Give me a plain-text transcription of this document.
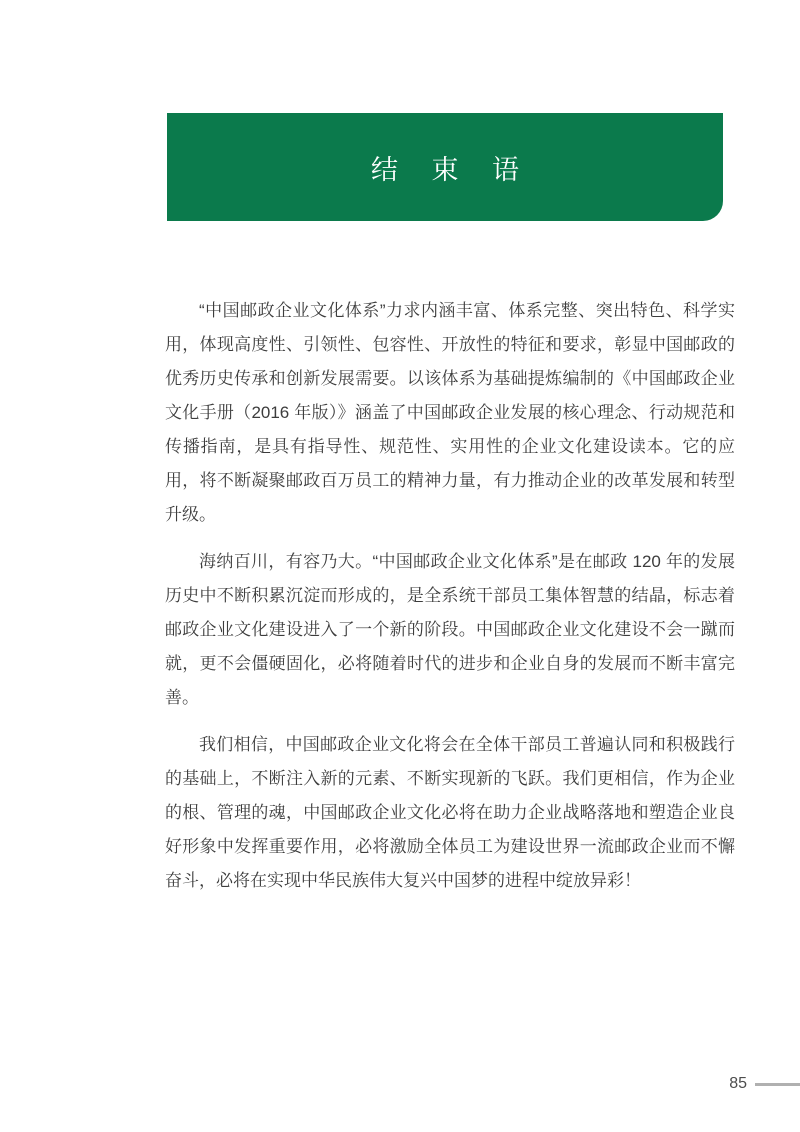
结 束 语

“中国邮政企业文化体系”力求内涵丰富、体系完整、突出特色、科学实用，体现高度性、引领性、包容性、开放性的特征和要求，彰显中国邮政的优秀历史传承和创新发展需要。以该体系为基础提炼编制的《中国邮政企业文化手册（2016 年版）》涵盖了中国邮政企业发展的核心理念、行动规范和传播指南，是具有指导性、规范性、实用性的企业文化建设读本。它的应用，将不断凝聚邮政百万员工的精神力量，有力推动企业的改革发展和转型升级。

海纳百川，有容乃大。“中国邮政企业文化体系”是在邮政 120 年的发展历史中不断积累沉淀而形成的，是全系统干部员工集体智慧的结晶，标志着邮政企业文化建设进入了一个新的阶段。中国邮政企业文化建设不会一蹴而就，更不会僵硬固化，必将随着时代的进步和企业自身的发展而不断丰富完善。

我们相信，中国邮政企业文化将会在全体干部员工普遍认同和积极践行的基础上，不断注入新的元素、不断实现新的飞跃。我们更相信，作为企业的根、管理的魂，中国邮政企业文化必将在助力企业战略落地和塑造企业良好形象中发挥重要作用，必将激励全体员工为建设世界一流邮政企业而不懈奋斗，必将在实现中华民族伟大复兴中国梦的进程中绽放异彩！

85
